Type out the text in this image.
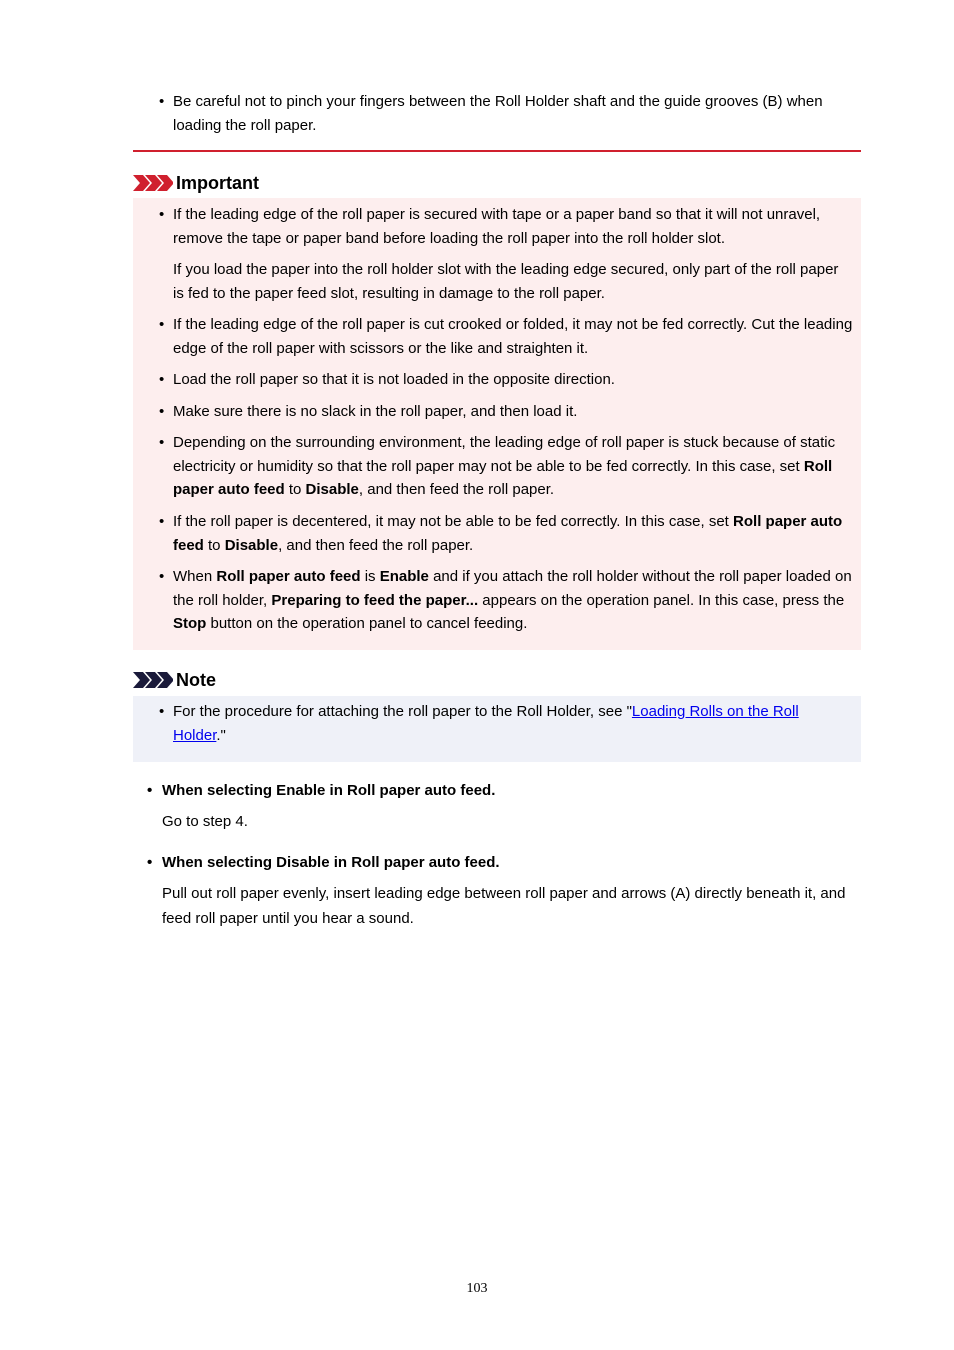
• Be careful not to pinch your fingers between the Roll Holder shaft and the guide grooves (B) when loading the roll paper.
Important
• If the leading edge of the roll paper is secured with tape or a paper band so that it will not unravel, remove the tape or paper band before loading the roll paper into the roll holder slot.
If you load the paper into the roll holder slot with the leading edge secured, only part of the roll paper is fed to the paper feed slot, resulting in damage to the roll paper.
• If the leading edge of the roll paper is cut crooked or folded, it may not be fed correctly. Cut the leading edge of the roll paper with scissors or the like and straighten it.
• Load the roll paper so that it is not loaded in the opposite direction.
• Make sure there is no slack in the roll paper, and then load it.
• Depending on the surrounding environment, the leading edge of roll paper is stuck because of static electricity or humidity so that the roll paper may not be able to be fed correctly. In this case, set Roll paper auto feed to Disable, and then feed the roll paper.
• If the roll paper is decentered, it may not be able to be fed correctly. In this case, set Roll paper auto feed to Disable, and then feed the roll paper.
• When Roll paper auto feed is Enable and if you attach the roll holder without the roll paper loaded on the roll holder, Preparing to feed the paper... appears on the operation panel. In this case, press the Stop button on the operation panel to cancel feeding.
Note
• For the procedure for attaching the roll paper to the Roll Holder, see "Loading Rolls on the Roll Holder."
• When selecting Enable in Roll paper auto feed.
Go to step 4.
• When selecting Disable in Roll paper auto feed.
Pull out roll paper evenly, insert leading edge between roll paper and arrows (A) directly beneath it, and feed roll paper until you hear a sound.
103
